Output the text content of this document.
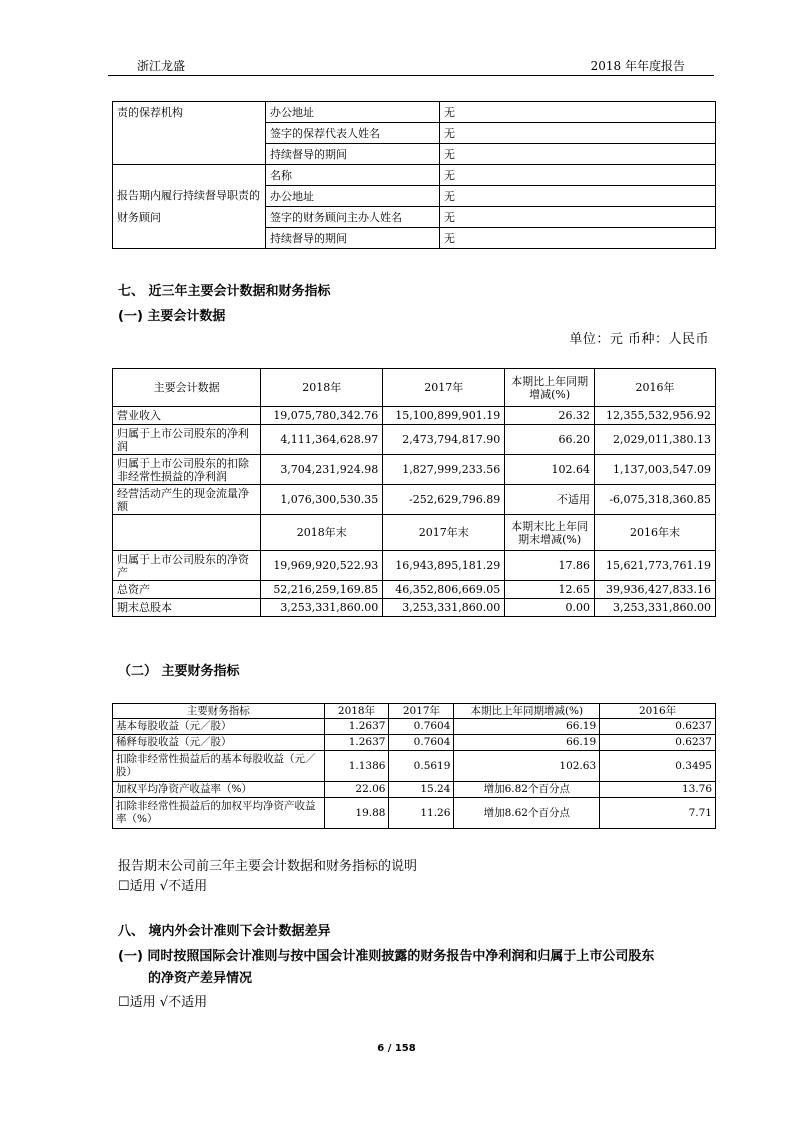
浙江龙盛	2018 年年度报告
责的保荐机构	办公地址	无
	签字的保荐代表人姓名	无
	持续督导的期间	无
报告期内履行持续督导职责的财务顾问	名称	无
	办公地址	无
	签字的财务顾问主办人姓名	无
	持续督导的期间	无
七、 近三年主要会计数据和财务指标
(一) 主要会计数据
单位：元 币种：人民币
主要会计数据	2018年	2017年	本期比上年同期增减(%)	2016年
营业收入	19,075,780,342.76	15,100,899,901.19	26.32	12,355,532,956.92
归属于上市公司股东的净利润	4,111,364,628.97	2,473,794,817.90	66.20	2,029,011,380.13
归属于上市公司股东的扣除非经常性损益的净利润	3,704,231,924.98	1,827,999,233.56	102.64	1,137,003,547.09
经营活动产生的现金流量净额	1,076,300,530.35	-252,629,796.89	不适用	-6,075,318,360.85
	2018年末	2017年末	本期末比上年同期末增减(%)	2016年末
归属于上市公司股东的净资产	19,969,920,522.93	16,943,895,181.29	17.86	15,621,773,761.19
总资产	52,216,259,169.85	46,352,806,669.05	12.65	39,936,427,833.16
期末总股本	3,253,331,860.00	3,253,331,860.00	0.00	3,253,331,860.00
（二） 主要财务指标
主要财务指标	2018年	2017年	本期比上年同期增减(%)	2016年
基本每股收益（元／股）	1.2637	0.7604	66.19	0.6237
稀释每股收益（元／股）	1.2637	0.7604	66.19	0.6237
扣除非经常性损益后的基本每股收益（元／股）	1.1386	0.5619	102.63	0.3495
加权平均净资产收益率（%）	22.06	15.24	增加6.82个百分点	13.76
扣除非经常性损益后的加权平均净资产收益率（%）	19.88	11.26	增加8.62个百分点	7.71
报告期末公司前三年主要会计数据和财务指标的说明
☐适用 √不适用
八、 境内外会计准则下会计数据差异
(一) 同时按照国际会计准则与按中国会计准则披露的财务报告中净利润和归属于上市公司股东
的净资产差异情况
☐适用 √不适用
6 / 158
